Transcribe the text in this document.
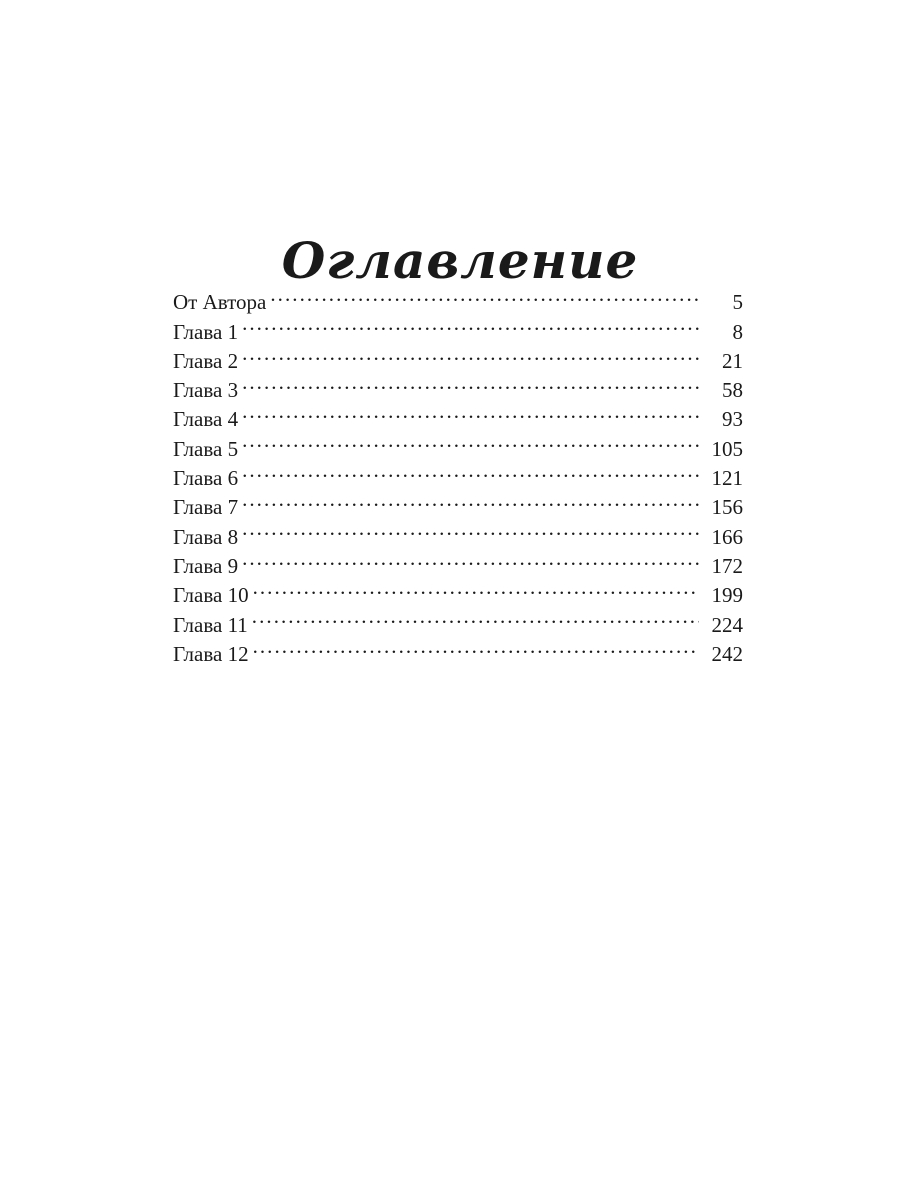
Оглавление
От Автора . . .	5
Глава 1 . . .	8
Глава 2 . . .	21
Глава 3 . . .	58
Глава 4 . . .	93
Глава 5 . . .	105
Глава 6 . . .	121
Глава 7 . . .	156
Глава 8 . . .	166
Глава 9 . . .	172
Глава 10 . . .	199
Глава 11 . . .	224
Глава 12 . . .	242
